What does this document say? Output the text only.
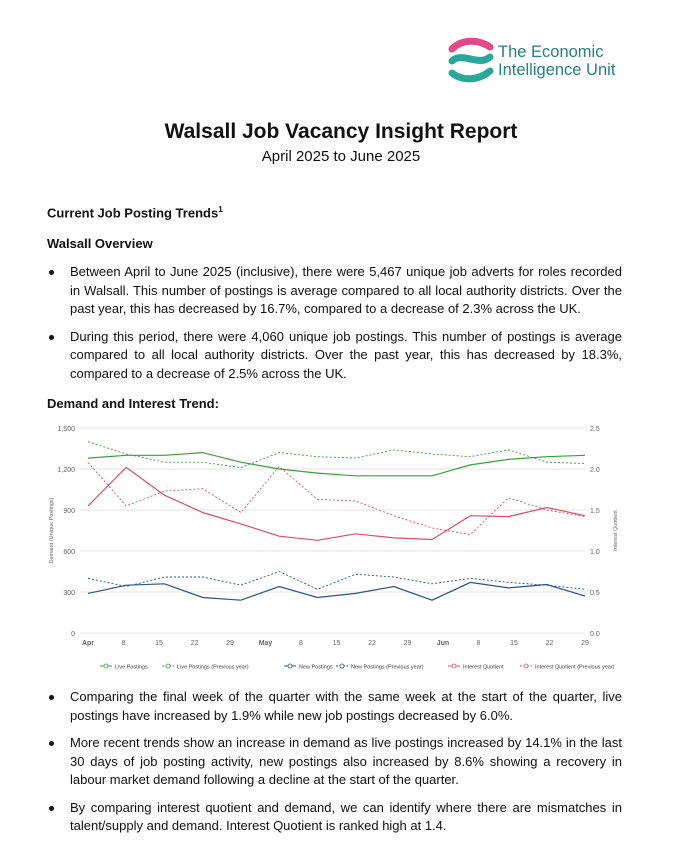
The Economic
Intelligence Unit
Walsall Job Vacancy Insight Report
April 2025 to June 2025
Current Job Posting Trends$^1$
Walsall Overview
Between April to June 2025 (inclusive), there were 5,467 unique job adverts for roles recorded in Walsall. This number of postings is average compared to all local authority districts. Over the past year, this has decreased by 16.7%, compared to a decrease of 2.3% across the UK.
During this period, there were 4,060 unique job postings. This number of postings is average compared to all local authority districts. Over the past year, this has decreased by 18.3%, compared to a decrease of 2.5% across the UK.
Demand and Interest Trend:
0	0.0
300	0.5
600	1.0
900	1.5
1,200	2.0
1,500	2.5
Apr	8	15	22	29	May	8	15	22	29	Jun	8	15	22	29
Demand (Unique Postings)	Interest Quotient
Live Postings	Live Postings (Previous year)	New Postings	New Postings (Previous year)	Interest Quotient	Interest Quotient (Previous year)
Comparing the final week of the quarter with the same week at the start of the quarter, live postings have increased by 1.9% while new job postings decreased by 6.0%.
More recent trends show an increase in demand as live postings increased by 14.1% in the last 30 days of job posting activity, new postings also increased by 8.6% showing a recovery in labour market demand following a decline at the start of the quarter.
By comparing interest quotient and demand, we can identify where there are mismatches in talent/supply and demand. Interest Quotient is ranked high at 1.4.
